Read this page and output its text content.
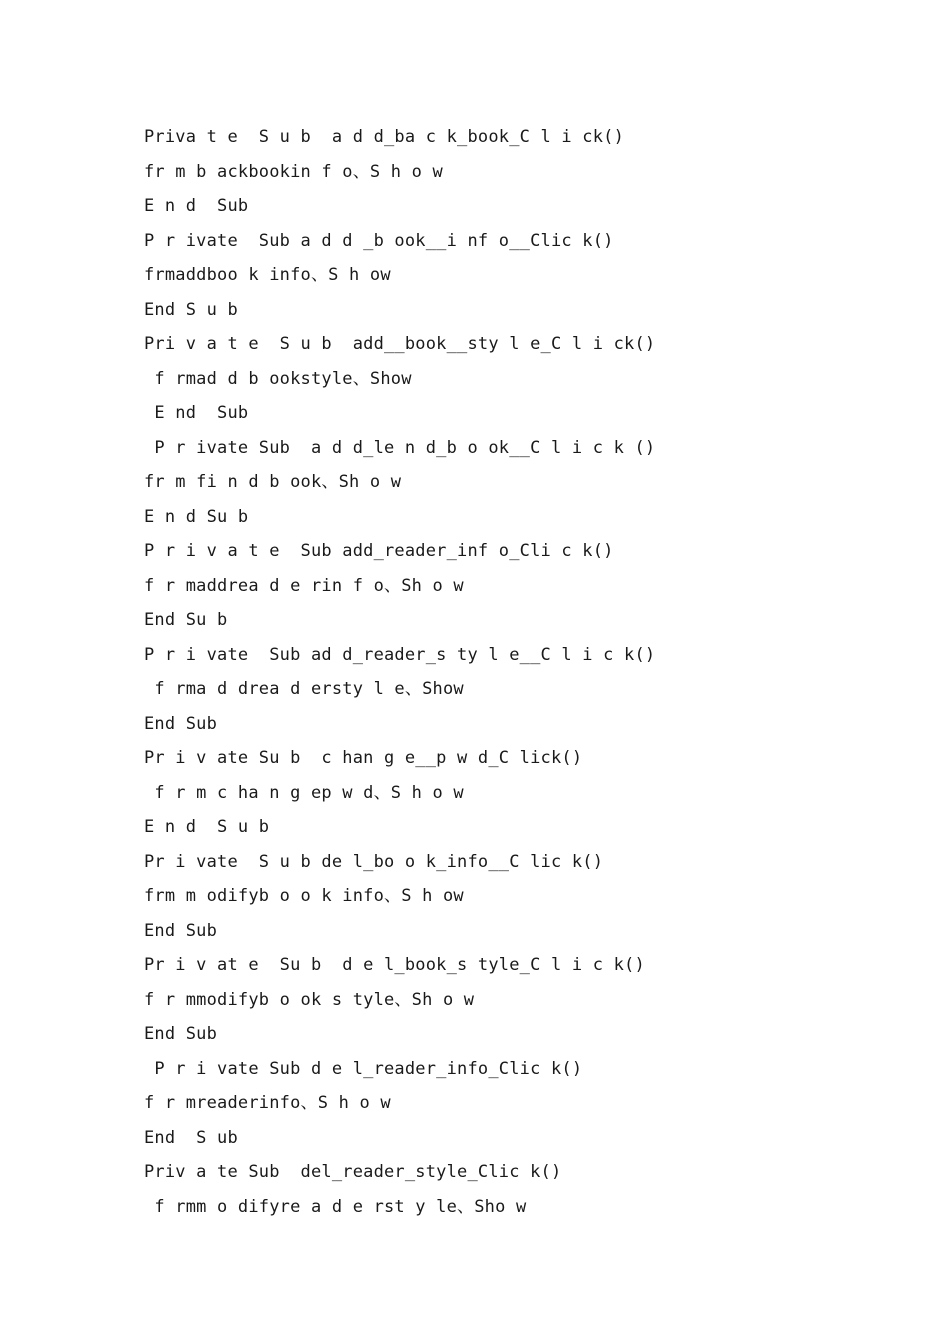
Priva t e  S u b  a d d_ba c k_book_C l i ck()
fr m b ackbookin f o、S h o w
E n d  Sub
P r ivate  Sub a d d _b ook__i nf o__Clic k()
frmaddboo k info、S h ow
End S u b
Pri v a t e  S u b  add__book__sty l e_C l i ck()
f rmad d b ookstyle、Show
E nd  Sub
P r ivate Sub  a d d_le n d_b o ok__C l i c k ()
fr m fi n d b ook、Sh o w
E n d Su b
P r i v a t e  Sub add_reader_inf o_Cli c k()
f r maddrea d e rin f o、Sh o w
End Su b
P r i vate  Sub ad d_reader_s ty l e__C l i c k()
f rma d drea d ersty l e、Show
End Sub
Pr i v ate Su b  c han g e__p w d_C lick()
f r m c ha n g ep w d、S h o w
E n d  S u b
Pr i vate  S u b de l_bo o k_info__C lic k()
frm m odifyb o o k info、S h ow
End Sub
Pr i v at e  Su b  d e l_book_s tyle_C l i c k()
f r mmodifyb o ok s tyle、Sh o w
End Sub
P r i vate Sub d e l_reader_info_Clic k()
f r mreaderinfo、S h o w
End  S ub
Priv a te Sub  del_reader_style_Clic k()
f rmm o difyre a d e rst y le、Sho w
